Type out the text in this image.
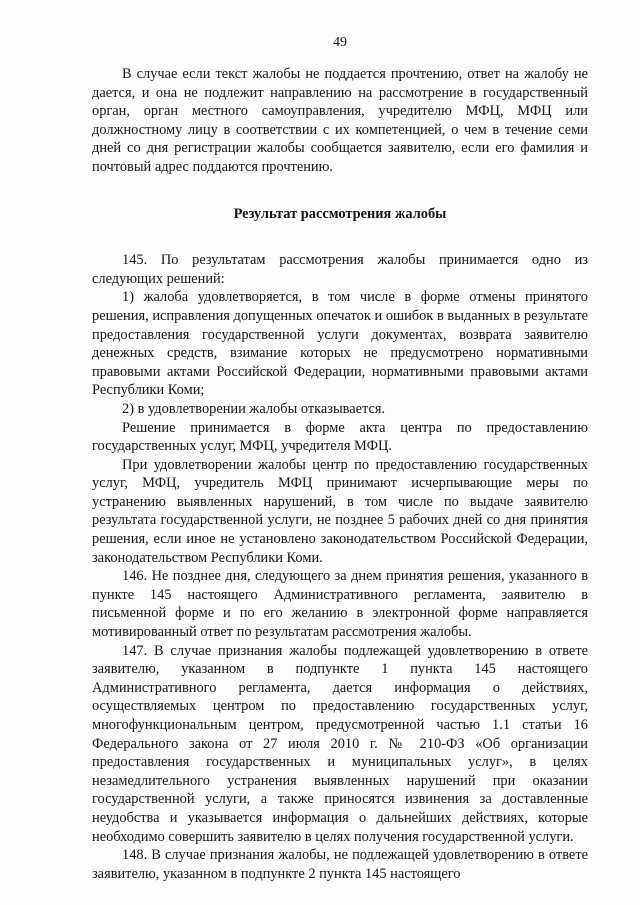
49

В случае если текст жалобы не поддается прочтению, ответ на жалобу не дается, и она не подлежит направлению на рассмотрение в государственный орган, орган местного самоуправления, учредителю МФЦ, МФЦ или должностному лицу в соответствии с их компетенцией, о чем в течение семи дней со дня регистрации жалобы сообщается заявителю, если его фамилия и почтовый адрес поддаются прочтению.

Результат рассмотрения жалобы

145. По результатам рассмотрения жалобы принимается одно из следующих решений:

1) жалоба удовлетворяется, в том числе в форме отмены принятого решения, исправления допущенных опечаток и ошибок в выданных в результате предоставления государственной услуги документах, возврата заявителю денежных средств, взимание которых не предусмотрено нормативными правовыми актами Российской Федерации, нормативными правовыми актами Республики Коми;

2) в удовлетворении жалобы отказывается.

Решение принимается в форме акта центра по предоставлению государственных услуг, МФЦ, учредителя МФЦ.

При удовлетворении жалобы центр по предоставлению государственных услуг, МФЦ, учредитель МФЦ принимают исчерпывающие меры по устранению выявленных нарушений, в том числе по выдаче заявителю результата государственной услуги, не позднее 5 рабочих дней со дня принятия решения, если иное не установлено законодательством Российской Федерации, законодательством Республики Коми.

146. Не позднее дня, следующего за днем принятия решения, указанного в пункте 145 настоящего Административного регламента, заявителю в письменной форме и по его желанию в электронной форме направляется мотивированный ответ по результатам рассмотрения жалобы.

147. В случае признания жалобы подлежащей удовлетворению в ответе заявителю, указанном в подпункте 1 пункта 145 настоящего Административного регламента, дается информация о действиях, осуществляемых центром по предоставлению государственных услуг, многофункциональным центром, предусмотренной частью 1.1 статьи 16 Федерального закона от 27 июля 2010 г. № 210-ФЗ «Об организации предоставления государственных и муниципальных услуг», в целях незамедлительного устранения выявленных нарушений при оказании государственной услуги, а также приносятся извинения за доставленные неудобства и указывается информация о дальнейших действиях, которые необходимо совершить заявителю в целях получения государственной услуги.

148. В случае признания жалобы, не подлежащей удовлетворению в ответе заявителю, указанном в подпункте 2 пункта 145 настоящего
